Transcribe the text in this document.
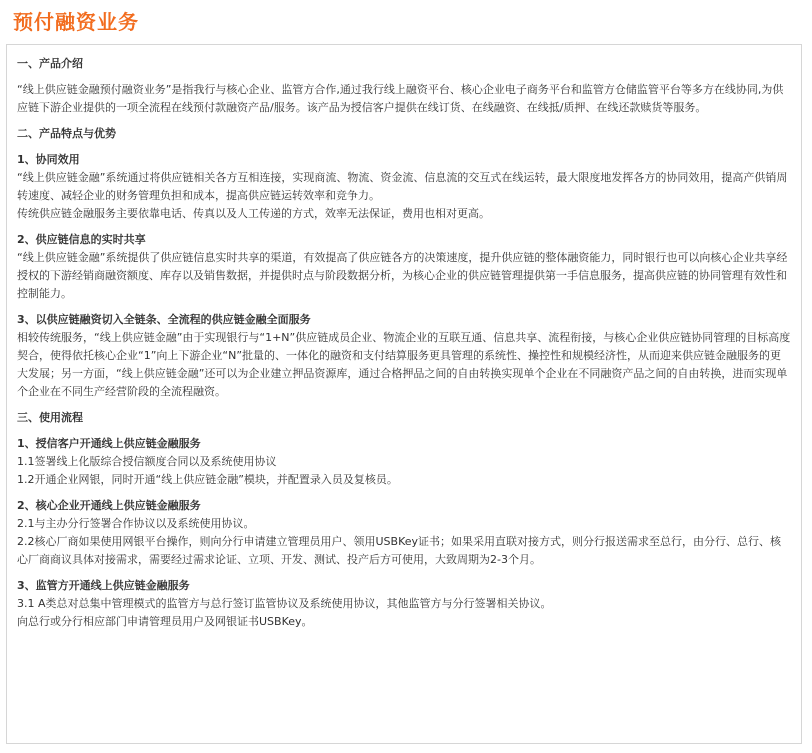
预付融资业务
一、产品介绍
“线上供应链金融预付融资业务”是指我行与核心企业、监管方合作,通过我行线上融资平台、核心企业电子商务平台和监管方仓储监管平台等多方在线协同,为供应链下游企业提供的一项全流程在线预付款融资产品/服务。该产品为授信客户提供在线订货、在线融资、在线抵/质押、在线还款赎货等服务。
二、产品特点与优势
1、协同效用
“线上供应链金融”系统通过将供应链相关各方互相连接，实现商流、物流、资金流、信息流的交互式在线运转，最大限度地发挥各方的协同效用，提高产供销周转速度、减轻企业的财务管理负担和成本，提高供应链运转效率和竞争力。
传统供应链金融服务主要依靠电话、传真以及人工传递的方式，效率无法保证，费用也相对更高。
2、供应链信息的实时共享
“线上供应链金融”系统提供了供应链信息实时共享的渠道，有效提高了供应链各方的决策速度，提升供应链的整体融资能力，同时银行也可以向核心企业共享经授权的下游经销商融资额度、库存以及销售数据，并提供时点与阶段数据分析，为核心企业的供应链管理提供第一手信息服务，提高供应链的协同管理有效性和控制能力。
3、以供应链融资切入全链条、全流程的供应链金融全面服务
相较传统服务，“线上供应链金融”由于实现银行与“1+N”供应链成员企业、物流企业的互联互通、信息共享、流程衔接，与核心企业供应链协同管理的目标高度契合，使得依托核心企业“1”向上下游企业“N”批量的、一体化的融资和支付结算服务更具管理的系统性、操控性和规模经济性，从而迎来供应链金融服务的更大发展；另一方面，“线上供应链金融”还可以为企业建立押品资源库，通过合格押品之间的自由转换实现单个企业在不同融资产品之间的自由转换，进而实现单个企业在不同生产经营阶段的全流程融资。
三、使用流程
1、授信客户开通线上供应链金融服务
1.1签署线上化版综合授信额度合同以及系统使用协议
1.2开通企业网银，同时开通“线上供应链金融”模块，并配置录入员及复核员。
2、核心企业开通线上供应链金融服务
2.1与主办分行签署合作协议以及系统使用协议。
2.2核心厂商如果使用网银平台操作，则向分行申请建立管理员用户、领用USBKey证书；如果采用直联对接方式，则分行报送需求至总行，由分行、总行、核心厂商商议具体对接需求，需要经过需求论证、立项、开发、测试、投产后方可使用，大致周期为2-3个月。
3、监管方开通线上供应链金融服务
3.1 A类总对总集中管理模式的监管方与总行签订监管协议及系统使用协议，其他监管方与分行签署相关协议。
向总行或分行相应部门申请管理员用户及网银证书USBKey。
